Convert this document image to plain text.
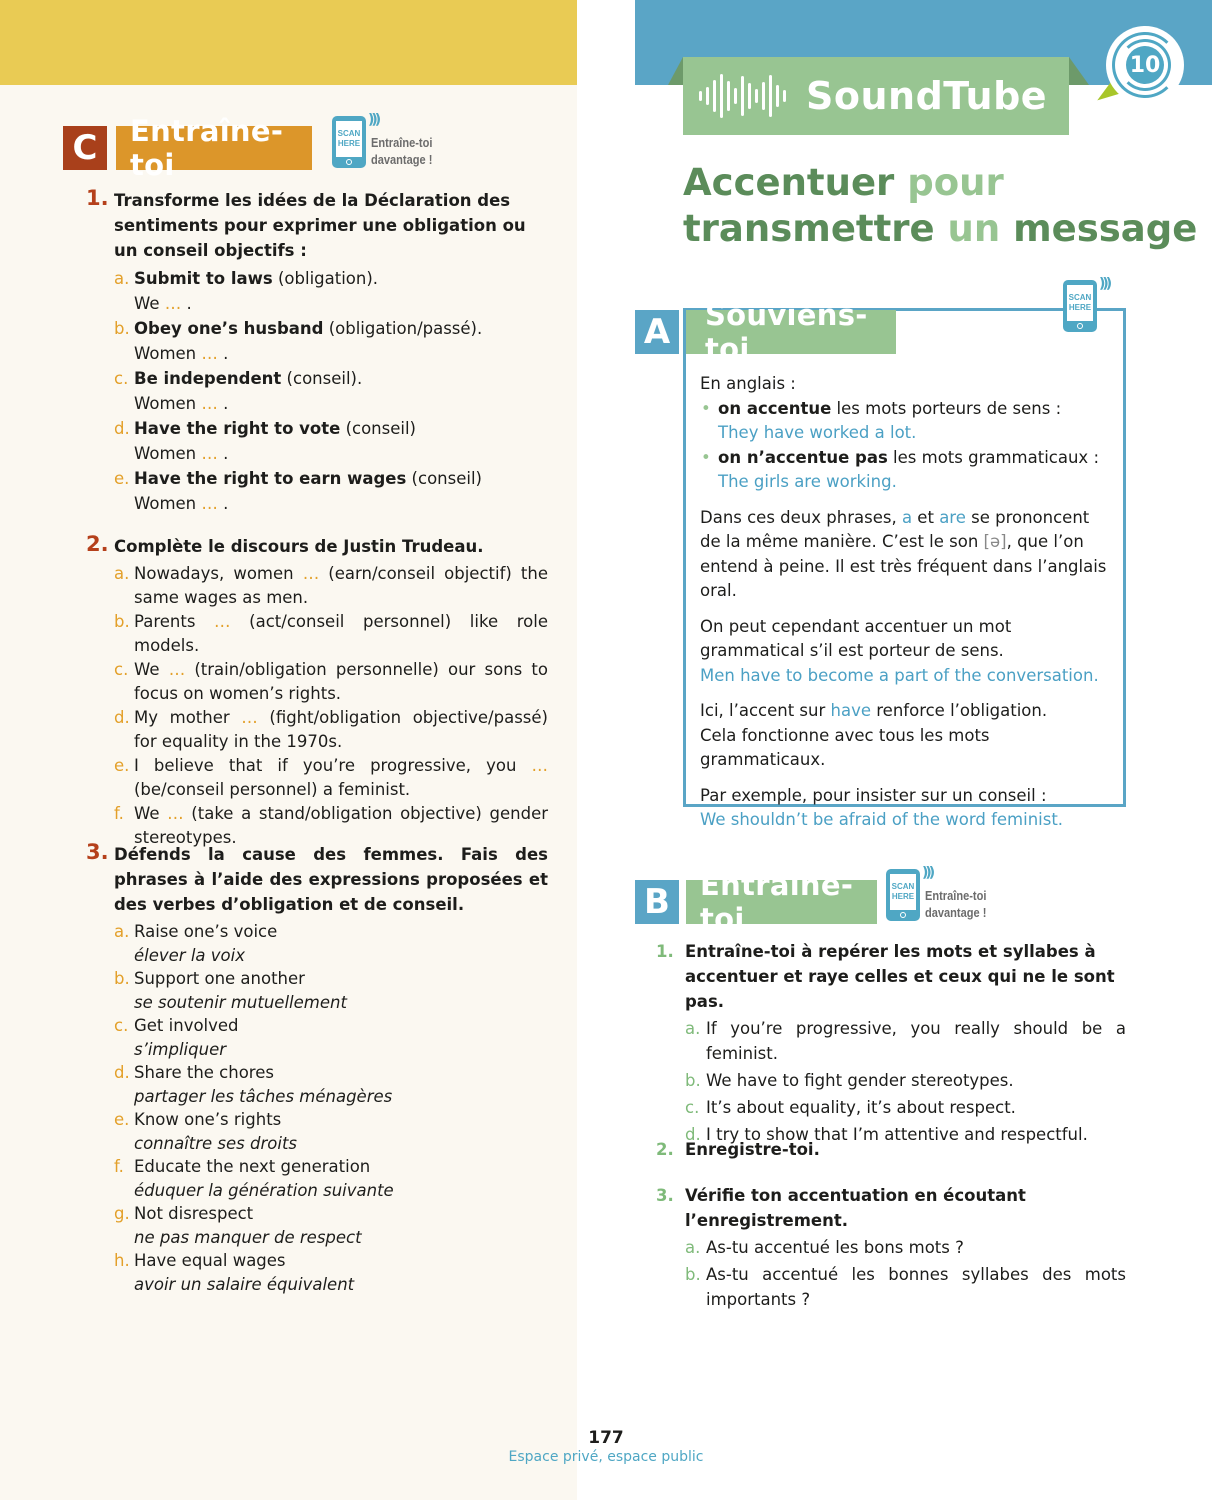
C	Entraîne-toi
SCAN
HERE
)))
Entraîne-toi
davantage !
1. Transforme les idées de la Déclaration des sentiments pour exprimer une obligation ou un conseil objectifs :
a. Submit to laws (obligation).
We … .
b. Obey one’s husband (obligation/passé).
Women … .
c. Be independent (conseil).
Women … .
d. Have the right to vote (conseil)
Women … .
e. Have the right to earn wages (conseil)
Women … .
2. Complète le discours de Justin Trudeau.
a. Nowadays, women … (earn/conseil objectif) the same wages as men.
b. Parents … (act/conseil personnel) like role models.
c. We … (train/obligation personnelle) our sons to focus on women’s rights.
d. My mother … (fight/obligation objective/passé) for equality in the 1970s.
e. I believe that if you’re progressive, you … (be/conseil personnel) a feminist.
f. We … (take a stand/obligation objective) gender stereotypes.
3. Défends la cause des femmes. Fais des phrases à l’aide des expressions proposées et des verbes d’obligation et de conseil.
a. Raise one’s voice
élever la voix
b. Support one another
se soutenir mutuellement
c. Get involved
s’impliquer
d. Share the chores
partager les tâches ménagères
e. Know one’s rights
connaître ses droits
f. Educate the next generation
éduquer la génération suivante
g. Not disrespect
ne pas manquer de respect
h. Have equal wages
avoir un salaire équivalent
SoundTube
10
Accentuer pour
transmettre un message
A	Souviens-toi
SCAN
HERE
)))
En anglais :
• on accentue les mots porteurs de sens :
They have worked a lot.
• on n’accentue pas les mots grammaticaux :
The girls are working.

Dans ces deux phrases, a et are se prononcent de la même manière. C’est le son [ə], que l’on entend à peine. Il est très fréquent dans l’anglais oral.

On peut cependant accentuer un mot grammatical s’il est porteur de sens.
Men have to become a part of the conversation.

Ici, l’accent sur have renforce l’obligation.
Cela fonctionne avec tous les mots grammaticaux.

Par exemple, pour insister sur un conseil :
We shouldn’t be afraid of the word feminist.

B	Entraîne-toi
SCAN
HERE
)))
Entraîne-toi
davantage !
1. Entraîne-toi à repérer les mots et syllabes à accentuer et raye celles et ceux qui ne le sont pas.
a. If you’re progressive, you really should be a feminist.
b. We have to fight gender stereotypes.
c. It’s about equality, it’s about respect.
d. I try to show that I’m attentive and respectful.
2. Enregistre-toi.
3. Vérifie ton accentuation en écoutant l’enregistrement.
a. As-tu accentué les bons mots ?
b. As-tu accentué les bonnes syllabes des mots importants ?
177
Espace privé, espace public
